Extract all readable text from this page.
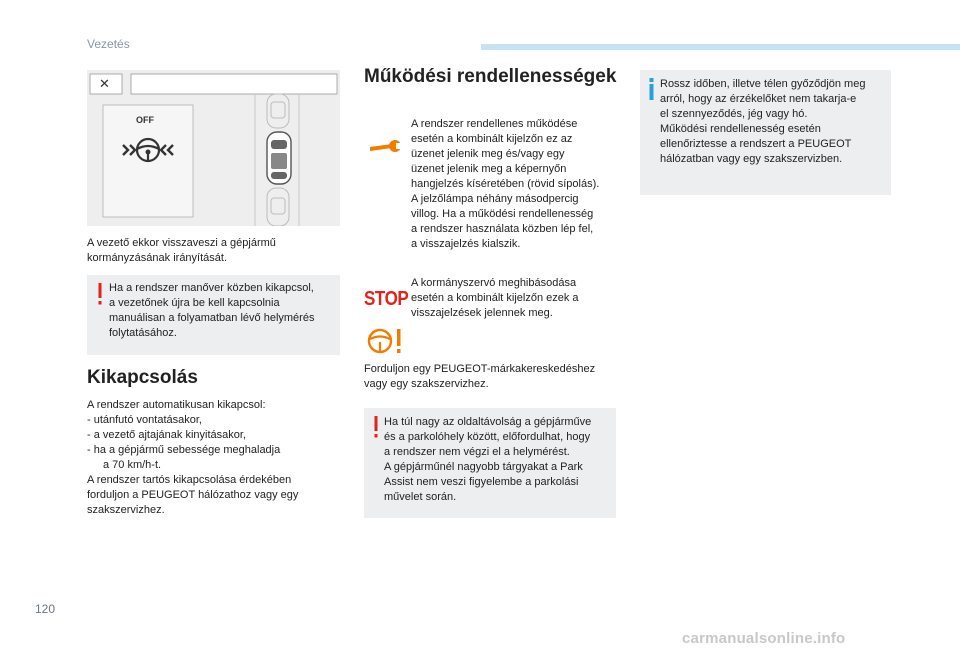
Vezetés
✕
OFF
A vezető ekkor visszaveszi a gépjármű
kormányzásának irányítását.
Ha a rendszer manőver közben kikapcsol,
a vezetőnek újra be kell kapcsolnia
manuálisan a folyamatban lévő helymérés
folytatásához.
Kikapcsolás
A rendszer automatikusan kikapcsol:
- utánfutó vontatásakor,
- a vezető ajtajának kinyitásakor,
- ha a gépjármű sebessége meghaladja
a 70 km/h-t.
A rendszer tartós kikapcsolása érdekében
forduljon a PEUGEOT hálózathoz vagy egy
szakszervizhez.
Működési rendellenességek
A rendszer rendellenes működése
esetén a kombinált kijelzőn ez az
üzenet jelenik meg és/vagy egy
üzenet jelenik meg a képernyőn
hangjelzés kíséretében (rövid sípolás).
A jelzőlámpa néhány másodpercig
villog. Ha a működési rendellenesség
a rendszer használata közben lép fel,
a visszajelzés kialszik.
STOP
A kormányszervó meghibásodása
esetén a kombinált kijelzőn ezek a
visszajelzések jelennek meg.
Forduljon egy PEUGEOT-márkakereskedéshez
vagy egy szakszervizhez.
Ha túl nagy az oldaltávolság a gépjárműve
és a parkolóhely között, előfordulhat, hogy
a rendszer nem végzi el a helymérést.
A gépjárműnél nagyobb tárgyakat a Park
Assist nem veszi figyelembe a parkolási
művelet során.
Rossz időben, illetve télen győződjön meg
arról, hogy az érzékelőket nem takarja-e
el szennyeződés, jég vagy hó.
Működési rendellenesség esetén
ellenőriztesse a rendszert a PEUGEOT
hálózatban vagy egy szakszervizben.
120
carmanualsonline.info
